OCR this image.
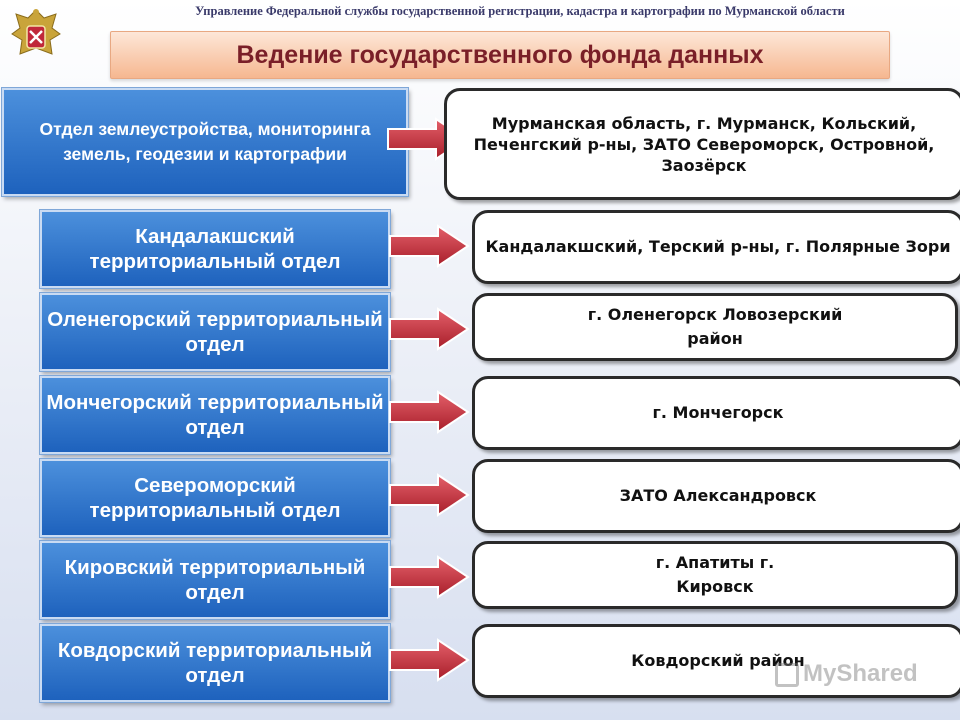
Управление Федеральной службы государственной регистрации, кадастра и картографии по Мурманской области
Ведение государственного фонда данных
Отдел землеустройства, мониторинга земель, геодезии и картографии
Мурманская область, г. Мурманск, Кольский, Печенгский р-ны, ЗАТО Североморск, Островной, Заозёрск
Кандалакшский территориальный отдел
Кандалакшский, Терский р-ны, г. Полярные Зори
Оленегорский территориальный отдел
г. Оленегорск Ловозерский район
Мончегорский территориальный отдел
г. Мончегорск
Североморский территориальный отдел
ЗАТО Александровск
Кировский территориальный отдел
г. Апатиты г. Кировск
Ковдорский территориальный отдел
Ковдорский район
MyShared
